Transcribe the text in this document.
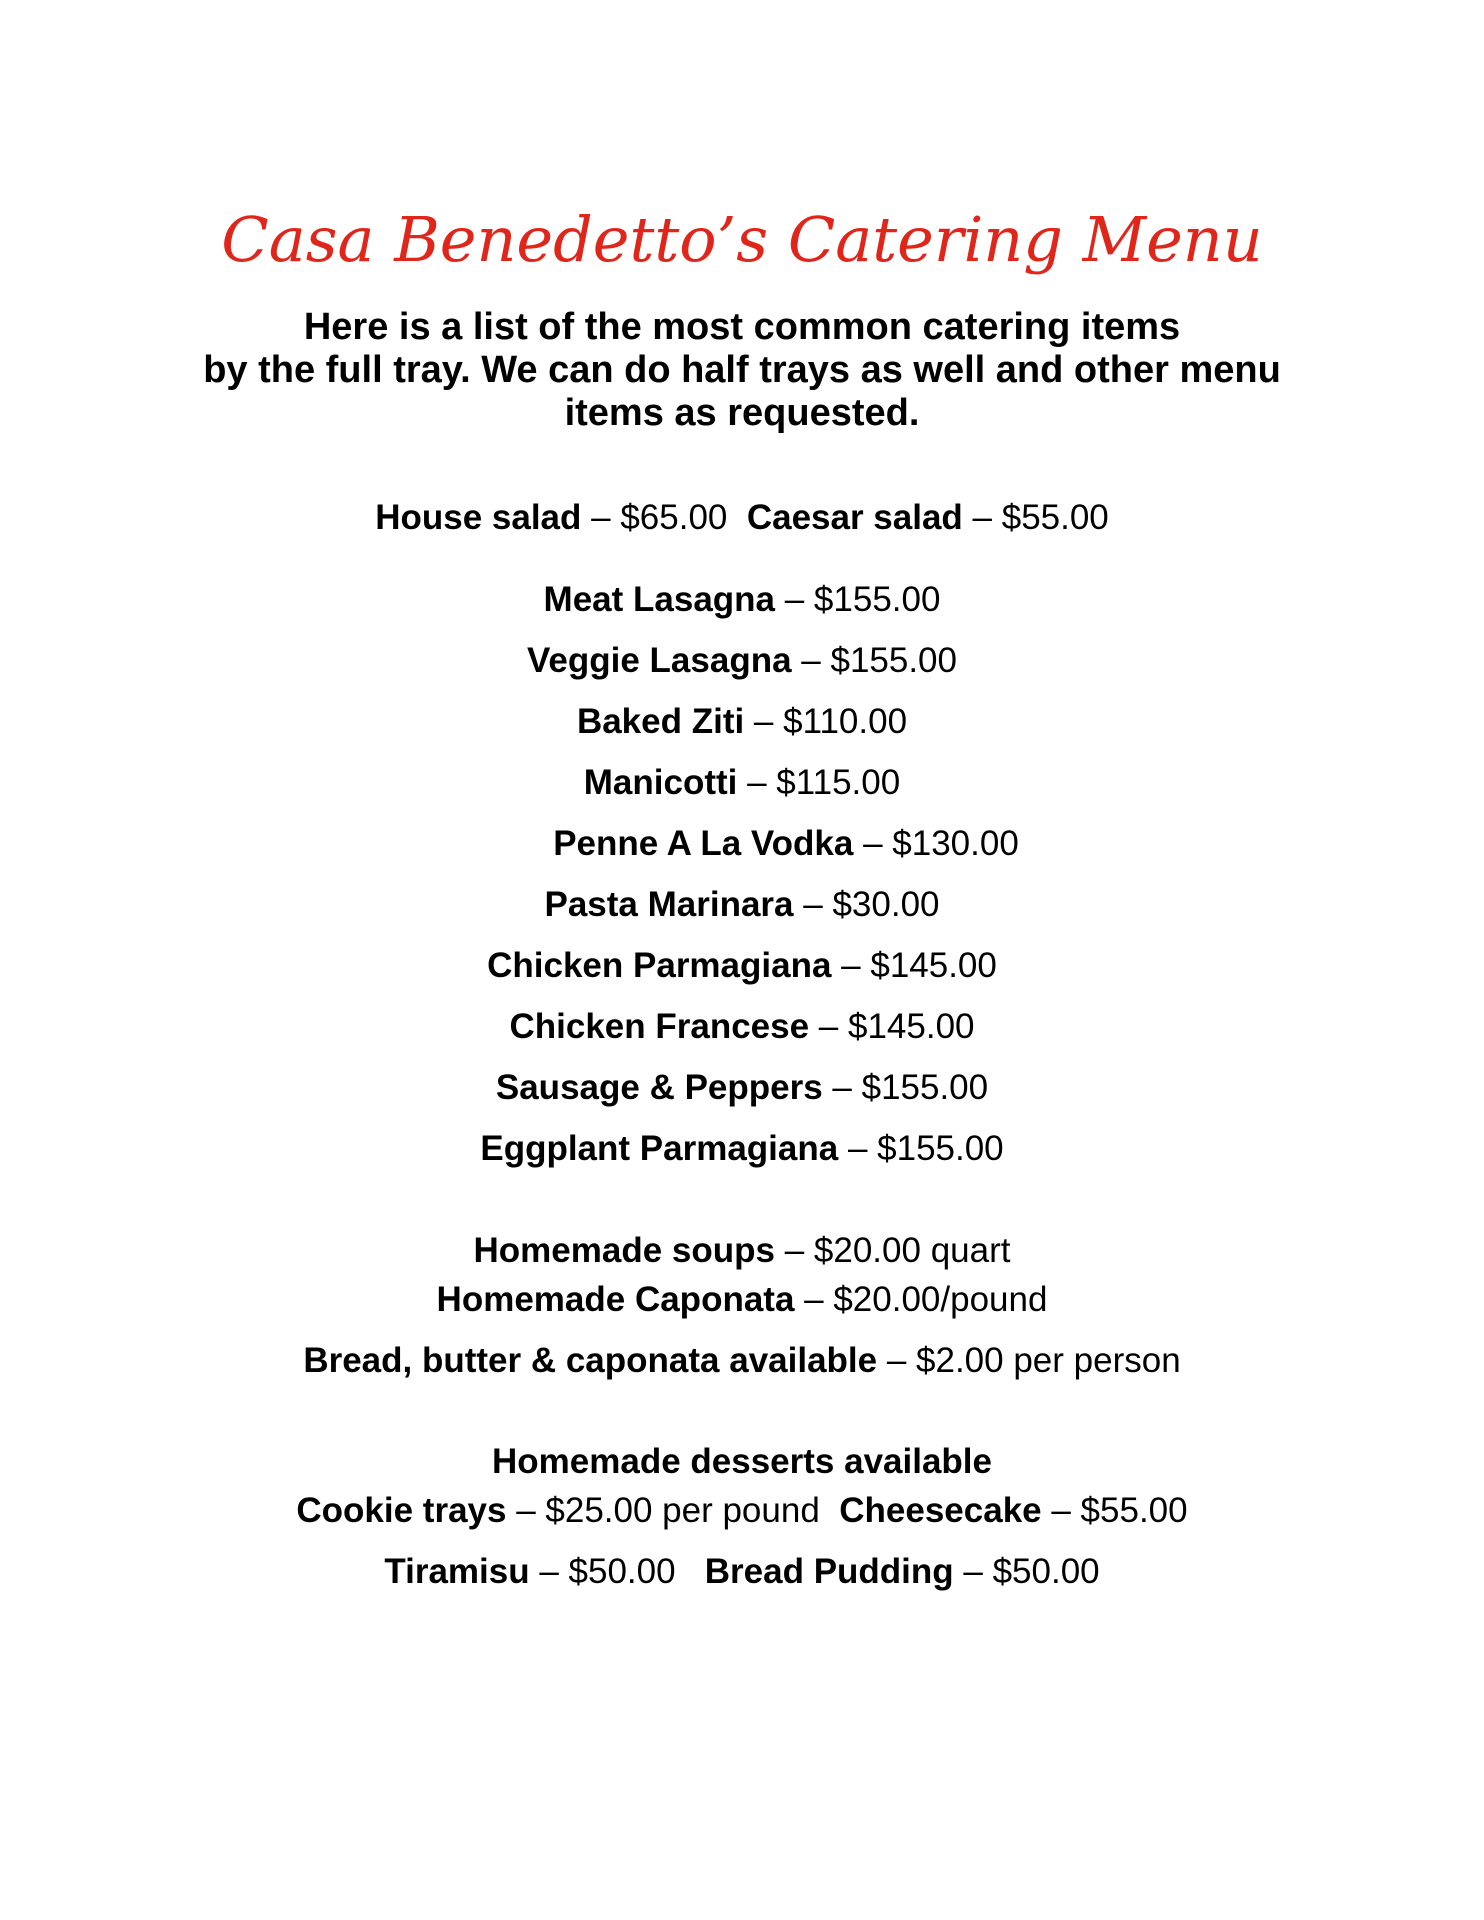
Casa Benedetto’s Catering Menu
Here is a list of the most common catering items
by the full tray. We can do half trays as well and other menu
items as requested.
House salad – $65.00 Caesar salad – $55.00
Meat Lasagna – $155.00
Veggie Lasagna – $155.00
Baked Ziti – $110.00
Manicotti – $115.00
Penne A La Vodka – $130.00
Pasta Marinara – $30.00
Chicken Parmagiana – $145.00
Chicken Francese – $145.00
Sausage & Peppers – $155.00
Eggplant Parmagiana – $155.00
Homemade soups – $20.00 quart
Homemade Caponata – $20.00/pound
Bread, butter & caponata available – $2.00 per person
Homemade desserts available
Cookie trays – $25.00 per pound Cheesecake – $55.00
Tiramisu – $50.00 Bread Pudding – $50.00
